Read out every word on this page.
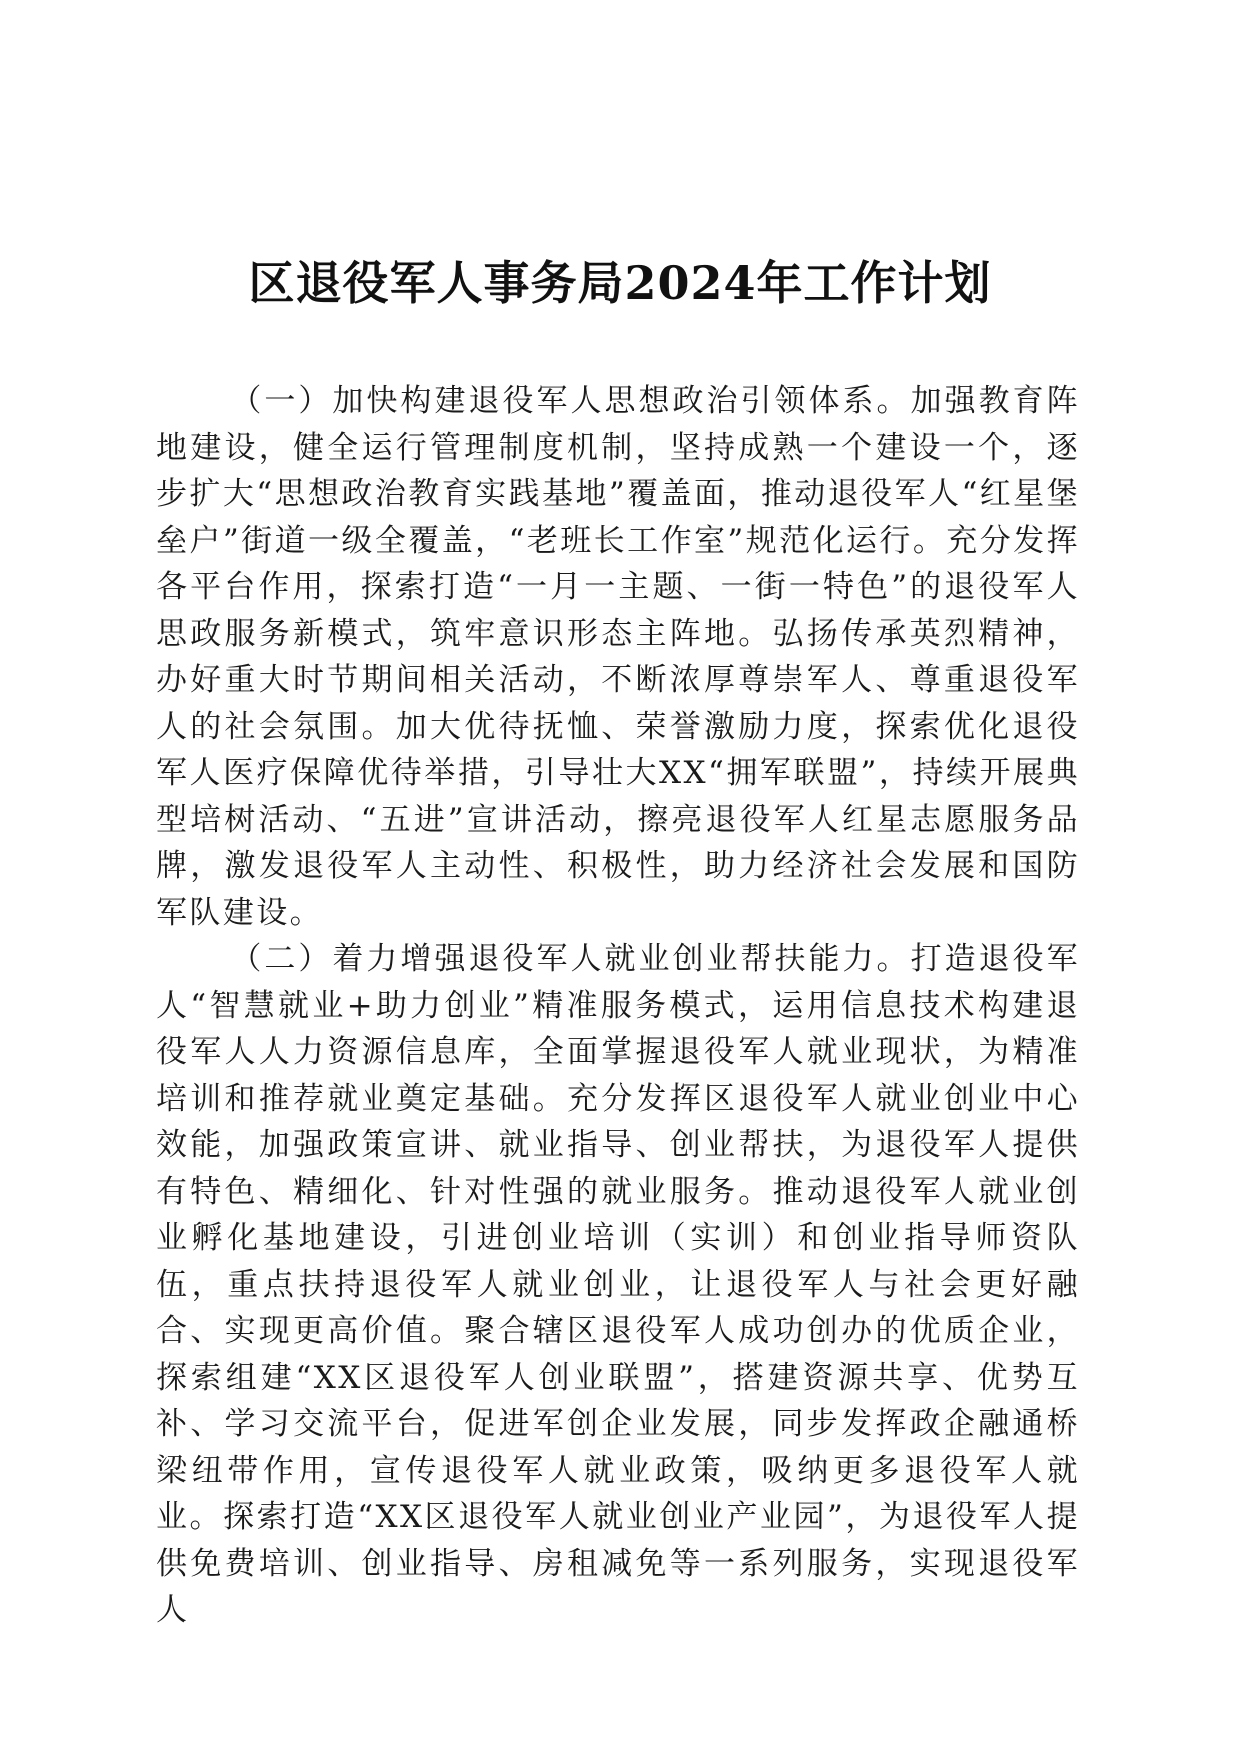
区退役军人事务局2024年工作计划

（一）加快构建退役军人思想政治引领体系。加强教育阵地建设，健全运行管理制度机制，坚持成熟一个建设一个，逐步扩大“思想政治教育实践基地”覆盖面，推动退役军人“红星堡垒户”街道一级全覆盖，“老班长工作室”规范化运行。充分发挥各平台作用，探索打造“一月一主题、一街一特色”的退役军人思政服务新模式，筑牢意识形态主阵地。弘扬传承英烈精神，办好重大时节期间相关活动，不断浓厚尊崇军人、尊重退役军人的社会氛围。加大优待抚恤、荣誉激励力度，探索优化退役军人医疗保障优待举措，引导壮大XX“拥军联盟”，持续开展典型培树活动、“五进”宣讲活动，擦亮退役军人红星志愿服务品牌，激发退役军人主动性、积极性，助力经济社会发展和国防军队建设。

（二）着力增强退役军人就业创业帮扶能力。打造退役军人“智慧就业+助力创业”精准服务模式，运用信息技术构建退役军人人力资源信息库，全面掌握退役军人就业现状，为精准培训和推荐就业奠定基础。充分发挥区退役军人就业创业中心效能，加强政策宣讲、就业指导、创业帮扶，为退役军人提供有特色、精细化、针对性强的就业服务。推动退役军人就业创业孵化基地建设，引进创业培训（实训）和创业指导师资队伍，重点扶持退役军人就业创业，让退役军人与社会更好融合、实现更高价值。聚合辖区退役军人成功创办的优质企业，探索组建“XX区退役军人创业联盟”，搭建资源共享、优势互补、学习交流平台，促进军创企业发展，同步发挥政企融通桥梁纽带作用，宣传退役军人就业政策，吸纳更多退役军人就业。探索打造“XX区退役军人就业创业产业园”，为退役军人提供免费培训、创业指导、房租减免等一系列服务，实现退役军人
